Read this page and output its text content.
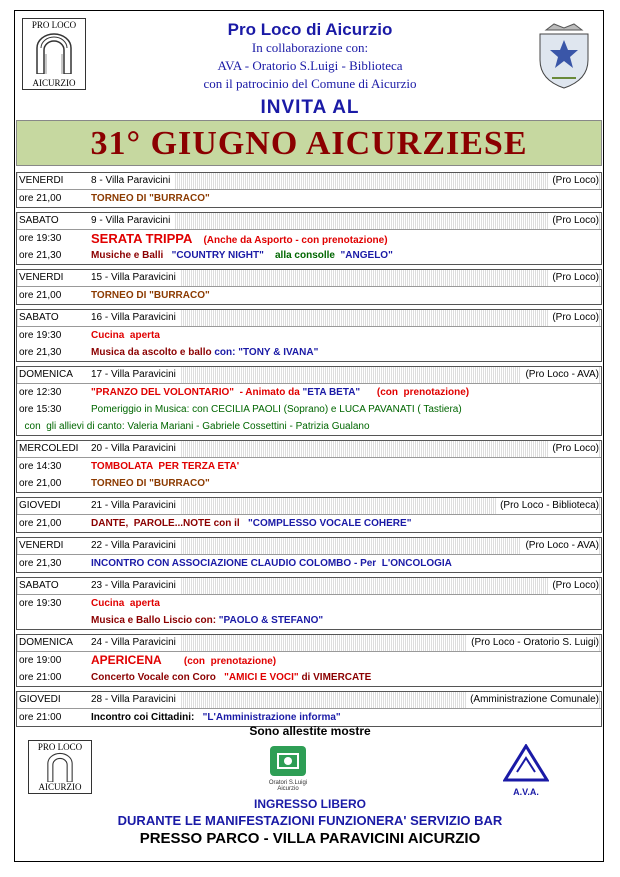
PRO LOCO
AICURZIO
Pro Loco di Aicurzio
In collaborazione con:
AVA - Oratorio S.Luigi - Biblioteca
con il patrocinio del Comune di Aicurzio
INVITA AL
31° GIUGNO AICURZIESE
VENERDI	8 - Villa Paravicini	(Pro Loco)
ore 21,00	TORNEO DI "BURRACO"
SABATO	9 - Villa Paravicini	(Pro Loco)
ore 19:30 SERATA TRIPPA    (Anche da Asporto - con prenotazione)
ore 21,30	Musiche e Balli   "COUNTRY NIGHT"    alla consolle  "ANGELO"
VENERDI	15 - Villa Paravicini	(Pro Loco)
ore 21,00	TORNEO DI "BURRACO"
SABATO	16 - Villa Paravicini	(Pro Loco)
ore 19:30	Cucina  aperta
ore 21,30	Musica da ascolto e ballo con: "TONY & IVANA"
DOMENICA 17 - Villa Paravicini	(Pro Loco - AVA)
ore 12:30	"PRANZO DEL VOLONTARIO"  - Animato da "ETA BETA"      (con  prenotazione)
ore 15:30	Pomeriggio in Musica: con CECILIA PAOLI (Soprano) e LUCA PAVANATI ( Tastiera)
con  gli allievi di canto: Valeria Mariani - Gabriele Cossettini - Patrizia Gualano
MERCOLEDI 20 - Villa Paravicini	(Pro Loco)
ore 14:30	TOMBOLATA  PER TERZA ETA'
ore 21,00	TORNEO DI "BURRACO"
GIOVEDI	21 - Villa Paravicini	(Pro Loco - Biblioteca)
ore 21,00	DANTE,  PAROLE...NOTE con il   "COMPLESSO VOCALE COHERE"
VENERDI	22 - Villa Paravicini	(Pro Loco - AVA)
ore 21,30	INCONTRO CON ASSOCIAZIONE CLAUDIO COLOMBO - Per  L'ONCOLOGIA
SABATO	23 - Villa Paravicini	(Pro Loco)
ore 19:30	Cucina  aperta
Musica e Ballo Liscio con: "PAOLO & STEFANO"
DOMENICA 24 - Villa Paravicini	(Pro Loco - Oratorio S. Luigi)
ore 19:00 APERICENA        (con  prenotazione)
ore 21:00	Concerto Vocale con Coro   "AMICI E VOCI" di VIMERCATE
GIOVEDI	28 - Villa Paravicini	(Amministrazione Comunale)
ore 21:00	Incontro coi Cittadini:   "L'Amministrazione informa"
Sono allestite mostre
PRO LOCO
AICURZIO	Oratori S.Luigi Aicurzio	A.V.A.
INGRESSO LIBERO
DURANTE LE MANIFESTAZIONI FUNZIONERA' SERVIZIO BAR
PRESSO PARCO - VILLA PARAVICINI AICURZIO
